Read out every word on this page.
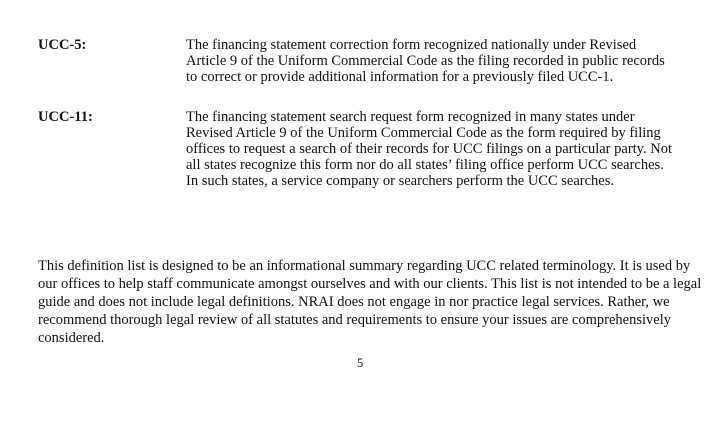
UCC-5:	The financing statement correction form recognized nationally under Revised
Article 9 of the Uniform Commercial Code as the filing recorded in public records
to correct or provide additional information for a previously filed UCC-1.
UCC-11:	The financing statement search request form recognized in many states under
Revised Article 9 of the Uniform Commercial Code as the form required by filing
offices to request a search of their records for UCC filings on a particular party. Not
all states recognize this form nor do all states’ filing office perform UCC searches.
In such states, a service company or searchers perform the UCC searches.
This definition list is designed to be an informational summary regarding UCC related terminology. It is used by
our offices to help staff communicate amongst ourselves and with our clients. This list is not intended to be a legal
guide and does not include legal definitions. NRAI does not engage in nor practice legal services. Rather, we
recommend thorough legal review of all statutes and requirements to ensure your issues are comprehensively
considered.
5
